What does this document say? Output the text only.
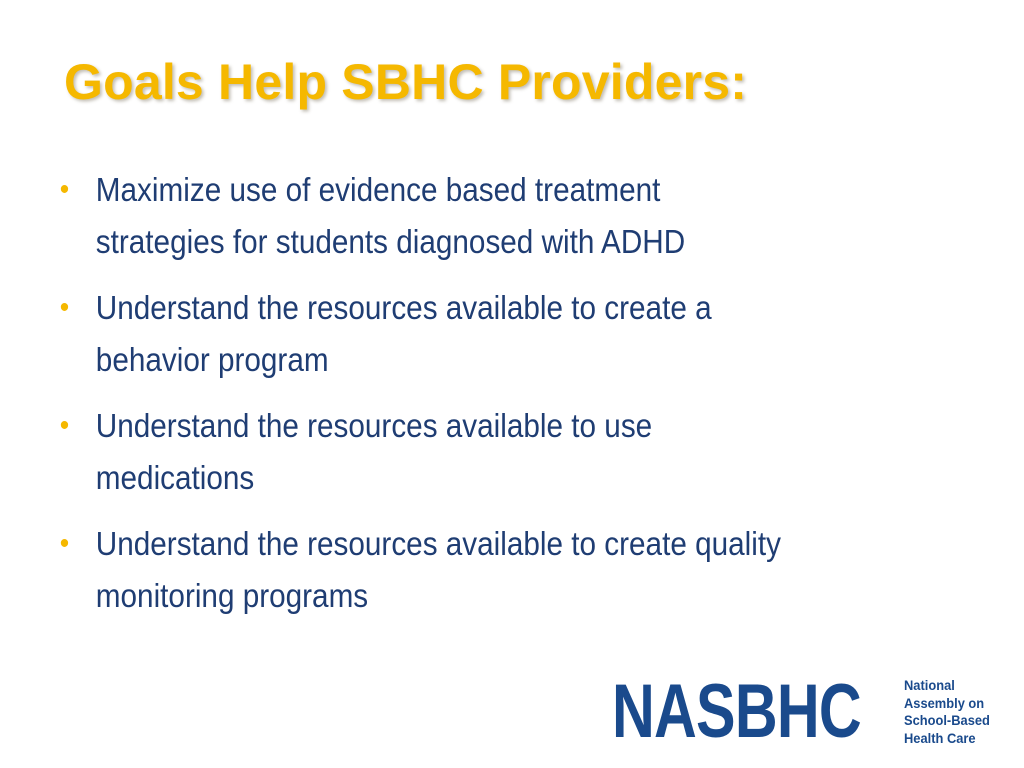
Goals Help SBHC Providers:
• Maximize use of evidence based treatment
strategies for students diagnosed with ADHD
• Understand the resources available to create a
behavior program
• Understand the resources available to use
medications
• Understand the resources available to create quality
monitoring programs
NASBHC	National
Assembly on
School-Based
Health Care
